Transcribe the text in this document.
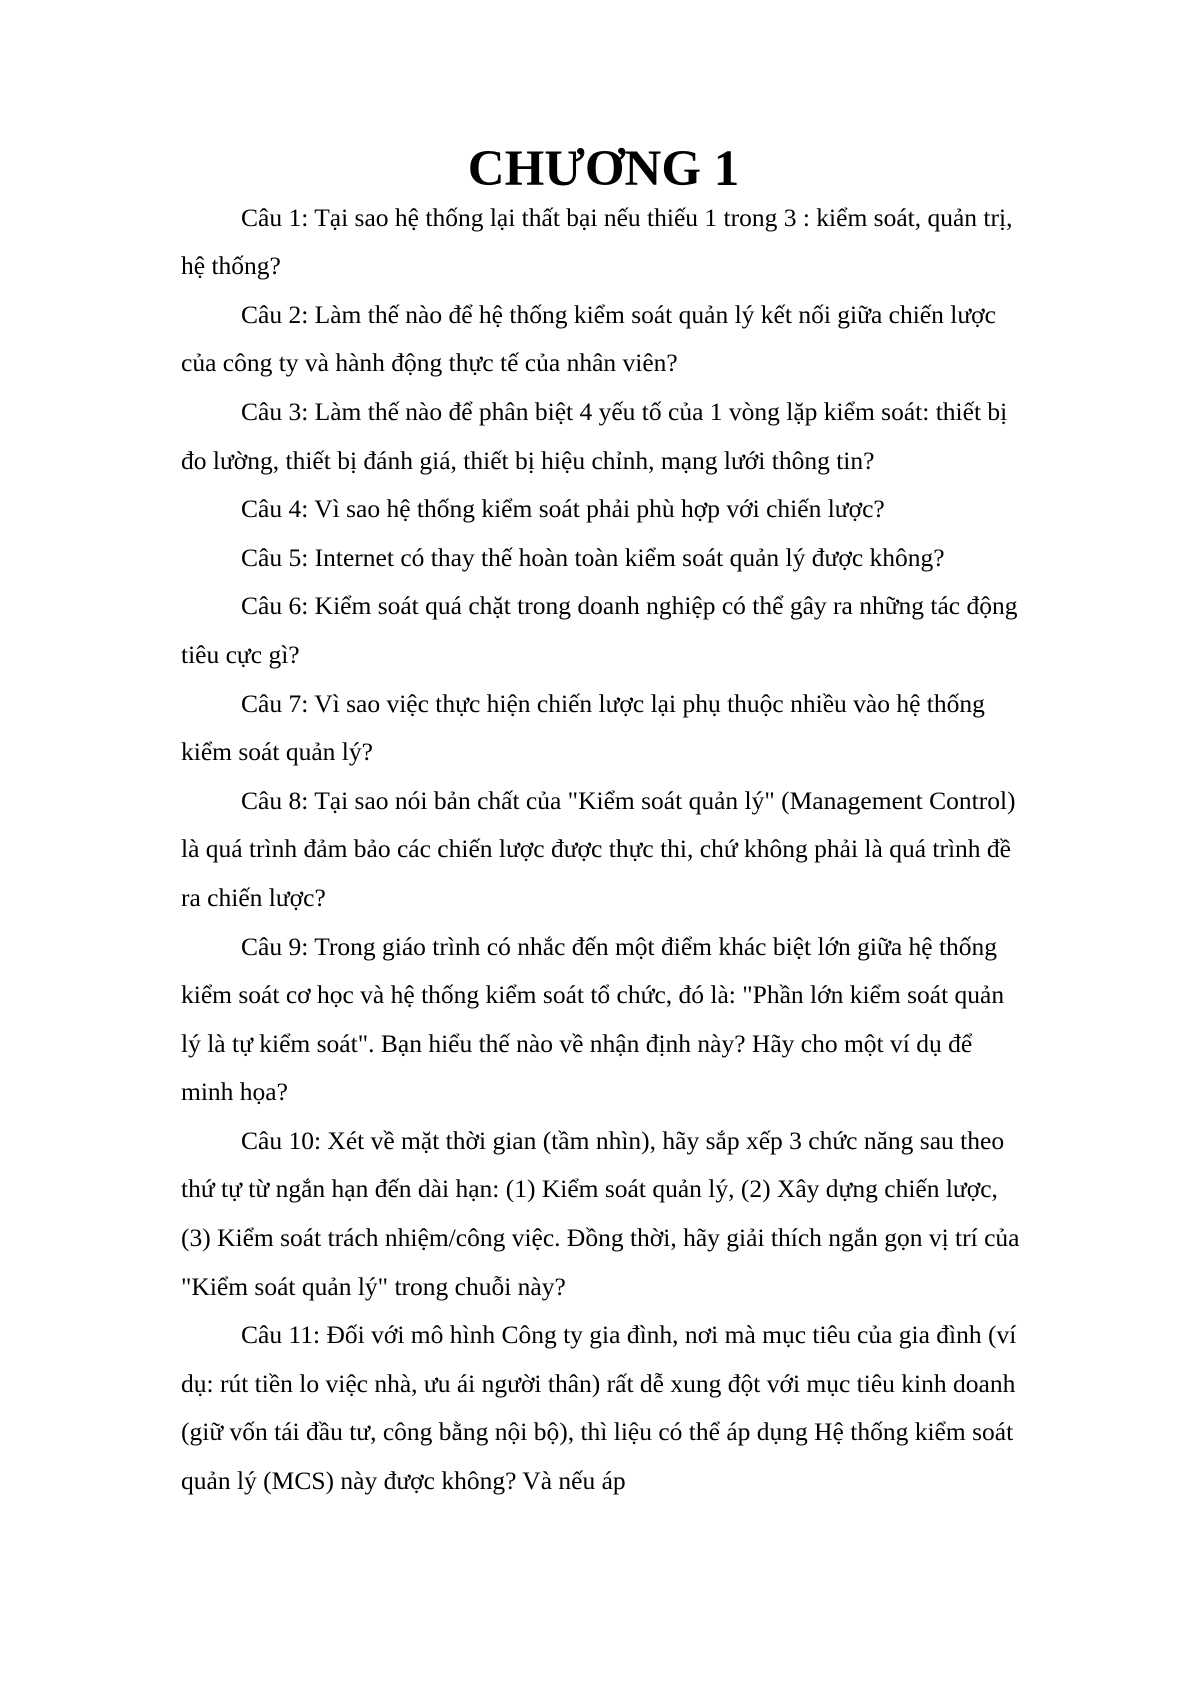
CHƯƠNG 1

Câu 1: Tại sao hệ thống lại thất bại nếu thiếu 1 trong 3 : kiểm soát, quản trị, hệ thống?

Câu 2: Làm thế nào để hệ thống kiểm soát quản lý kết nối giữa chiến lược của công ty và hành động thực tế của nhân viên?

Câu 3: Làm thế nào để phân biệt 4 yếu tố của 1 vòng lặp kiểm soát: thiết bị đo lường, thiết bị đánh giá, thiết bị hiệu chỉnh, mạng lưới thông tin?

Câu 4: Vì sao hệ thống kiểm soát phải phù hợp với chiến lược?

Câu 5: Internet có thay thế hoàn toàn kiểm soát quản lý được không?

Câu 6: Kiểm soát quá chặt trong doanh nghiệp có thể gây ra những tác động tiêu cực gì?

Câu 7: Vì sao việc thực hiện chiến lược lại phụ thuộc nhiều vào hệ thống kiểm soát quản lý?

Câu 8: Tại sao nói bản chất của "Kiểm soát quản lý" (Management Control) là quá trình đảm bảo các chiến lược được thực thi, chứ không phải là quá trình đề ra chiến lược?

Câu 9: Trong giáo trình có nhắc đến một điểm khác biệt lớn giữa hệ thống kiểm soát cơ học và hệ thống kiểm soát tổ chức, đó là: "Phần lớn kiểm soát quản lý là tự kiểm soát". Bạn hiểu thế nào về nhận định này? Hãy cho một ví dụ để minh họa?

Câu 10: Xét về mặt thời gian (tầm nhìn), hãy sắp xếp 3 chức năng sau theo thứ tự từ ngắn hạn đến dài hạn: (1) Kiểm soát quản lý, (2) Xây dựng chiến lược, (3) Kiểm soát trách nhiệm/công việc. Đồng thời, hãy giải thích ngắn gọn vị trí của "Kiểm soát quản lý" trong chuỗi này?

Câu 11: Đối với mô hình Công ty gia đình, nơi mà mục tiêu của gia đình (ví dụ: rút tiền lo việc nhà, ưu ái người thân) rất dễ xung đột với mục tiêu kinh doanh (giữ vốn tái đầu tư, công bằng nội bộ), thì liệu có thể áp dụng Hệ thống kiểm soát quản lý (MCS) này được không? Và nếu áp
